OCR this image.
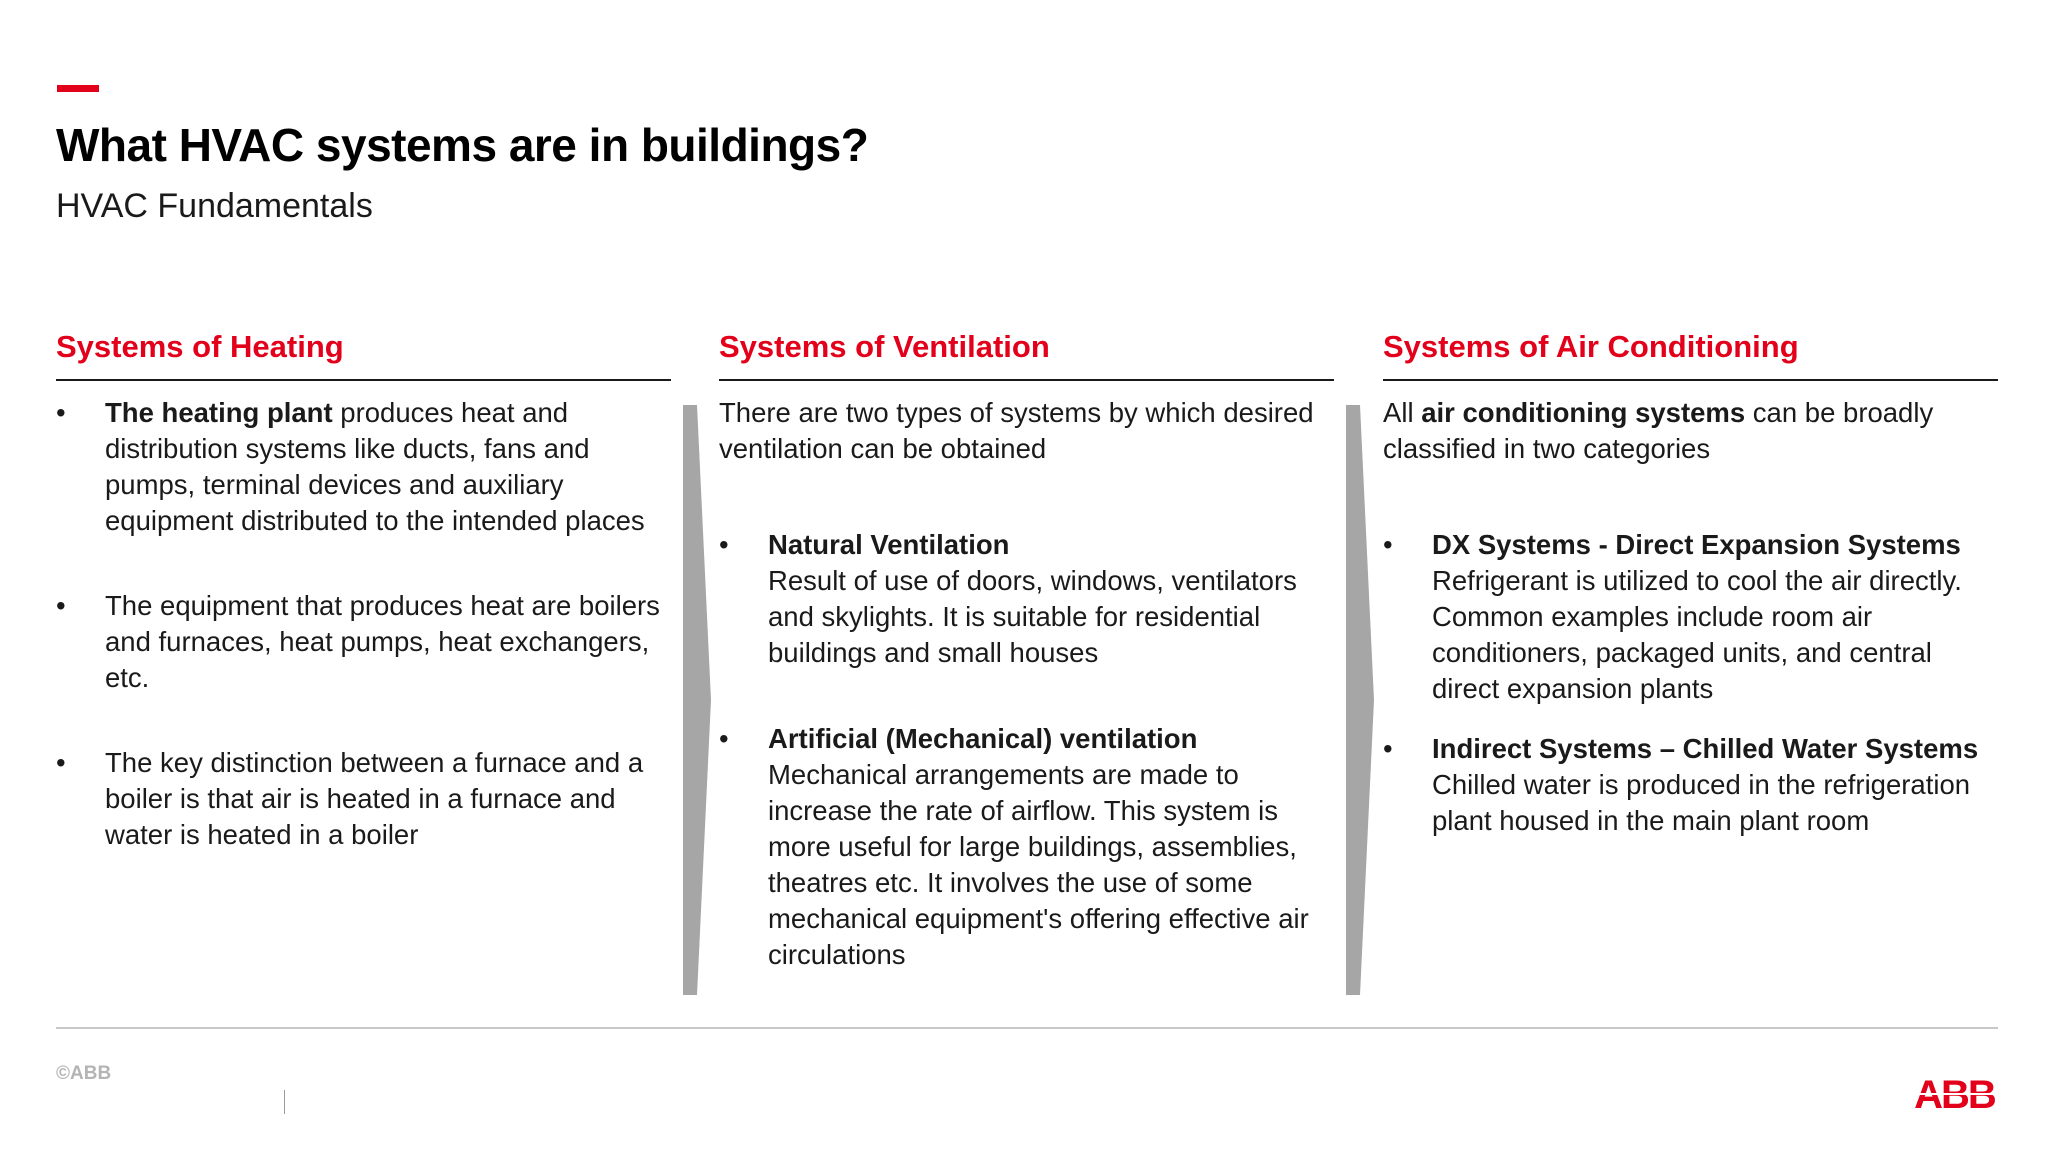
What HVAC systems are in buildings?

HVAC Fundamentals

Systems of Heating
• The heating plant produces heat and distribution systems like ducts, fans and pumps, terminal devices and auxiliary equipment distributed to the intended places
• The equipment that produces heat are boilers and furnaces, heat pumps, heat exchangers, etc.
• The key distinction between a furnace and a boiler is that air is heated in a furnace and water is heated in a boiler
Systems of Ventilation

There are two types of systems by which desired ventilation can be obtained

• Natural Ventilation
Result of use of doors, windows, ventilators and skylights. It is suitable for residential buildings and small houses
• Artificial (Mechanical) ventilation
Mechanical arrangements are made to increase the rate of airflow. This system is more useful for large buildings, assemblies, theatres etc. It involves the use of some mechanical equipment's offering effective air circulations
Systems of Air Conditioning

All air conditioning systems can be broadly classified in two categories

• DX Systems - Direct Expansion Systems
Refrigerant is utilized to cool the air directly. Common examples include room air conditioners, packaged units, and central direct expansion plants
• Indirect Systems – Chilled Water Systems
Chilled water is produced in the refrigeration plant housed in the main plant room
©ABB	ABB
